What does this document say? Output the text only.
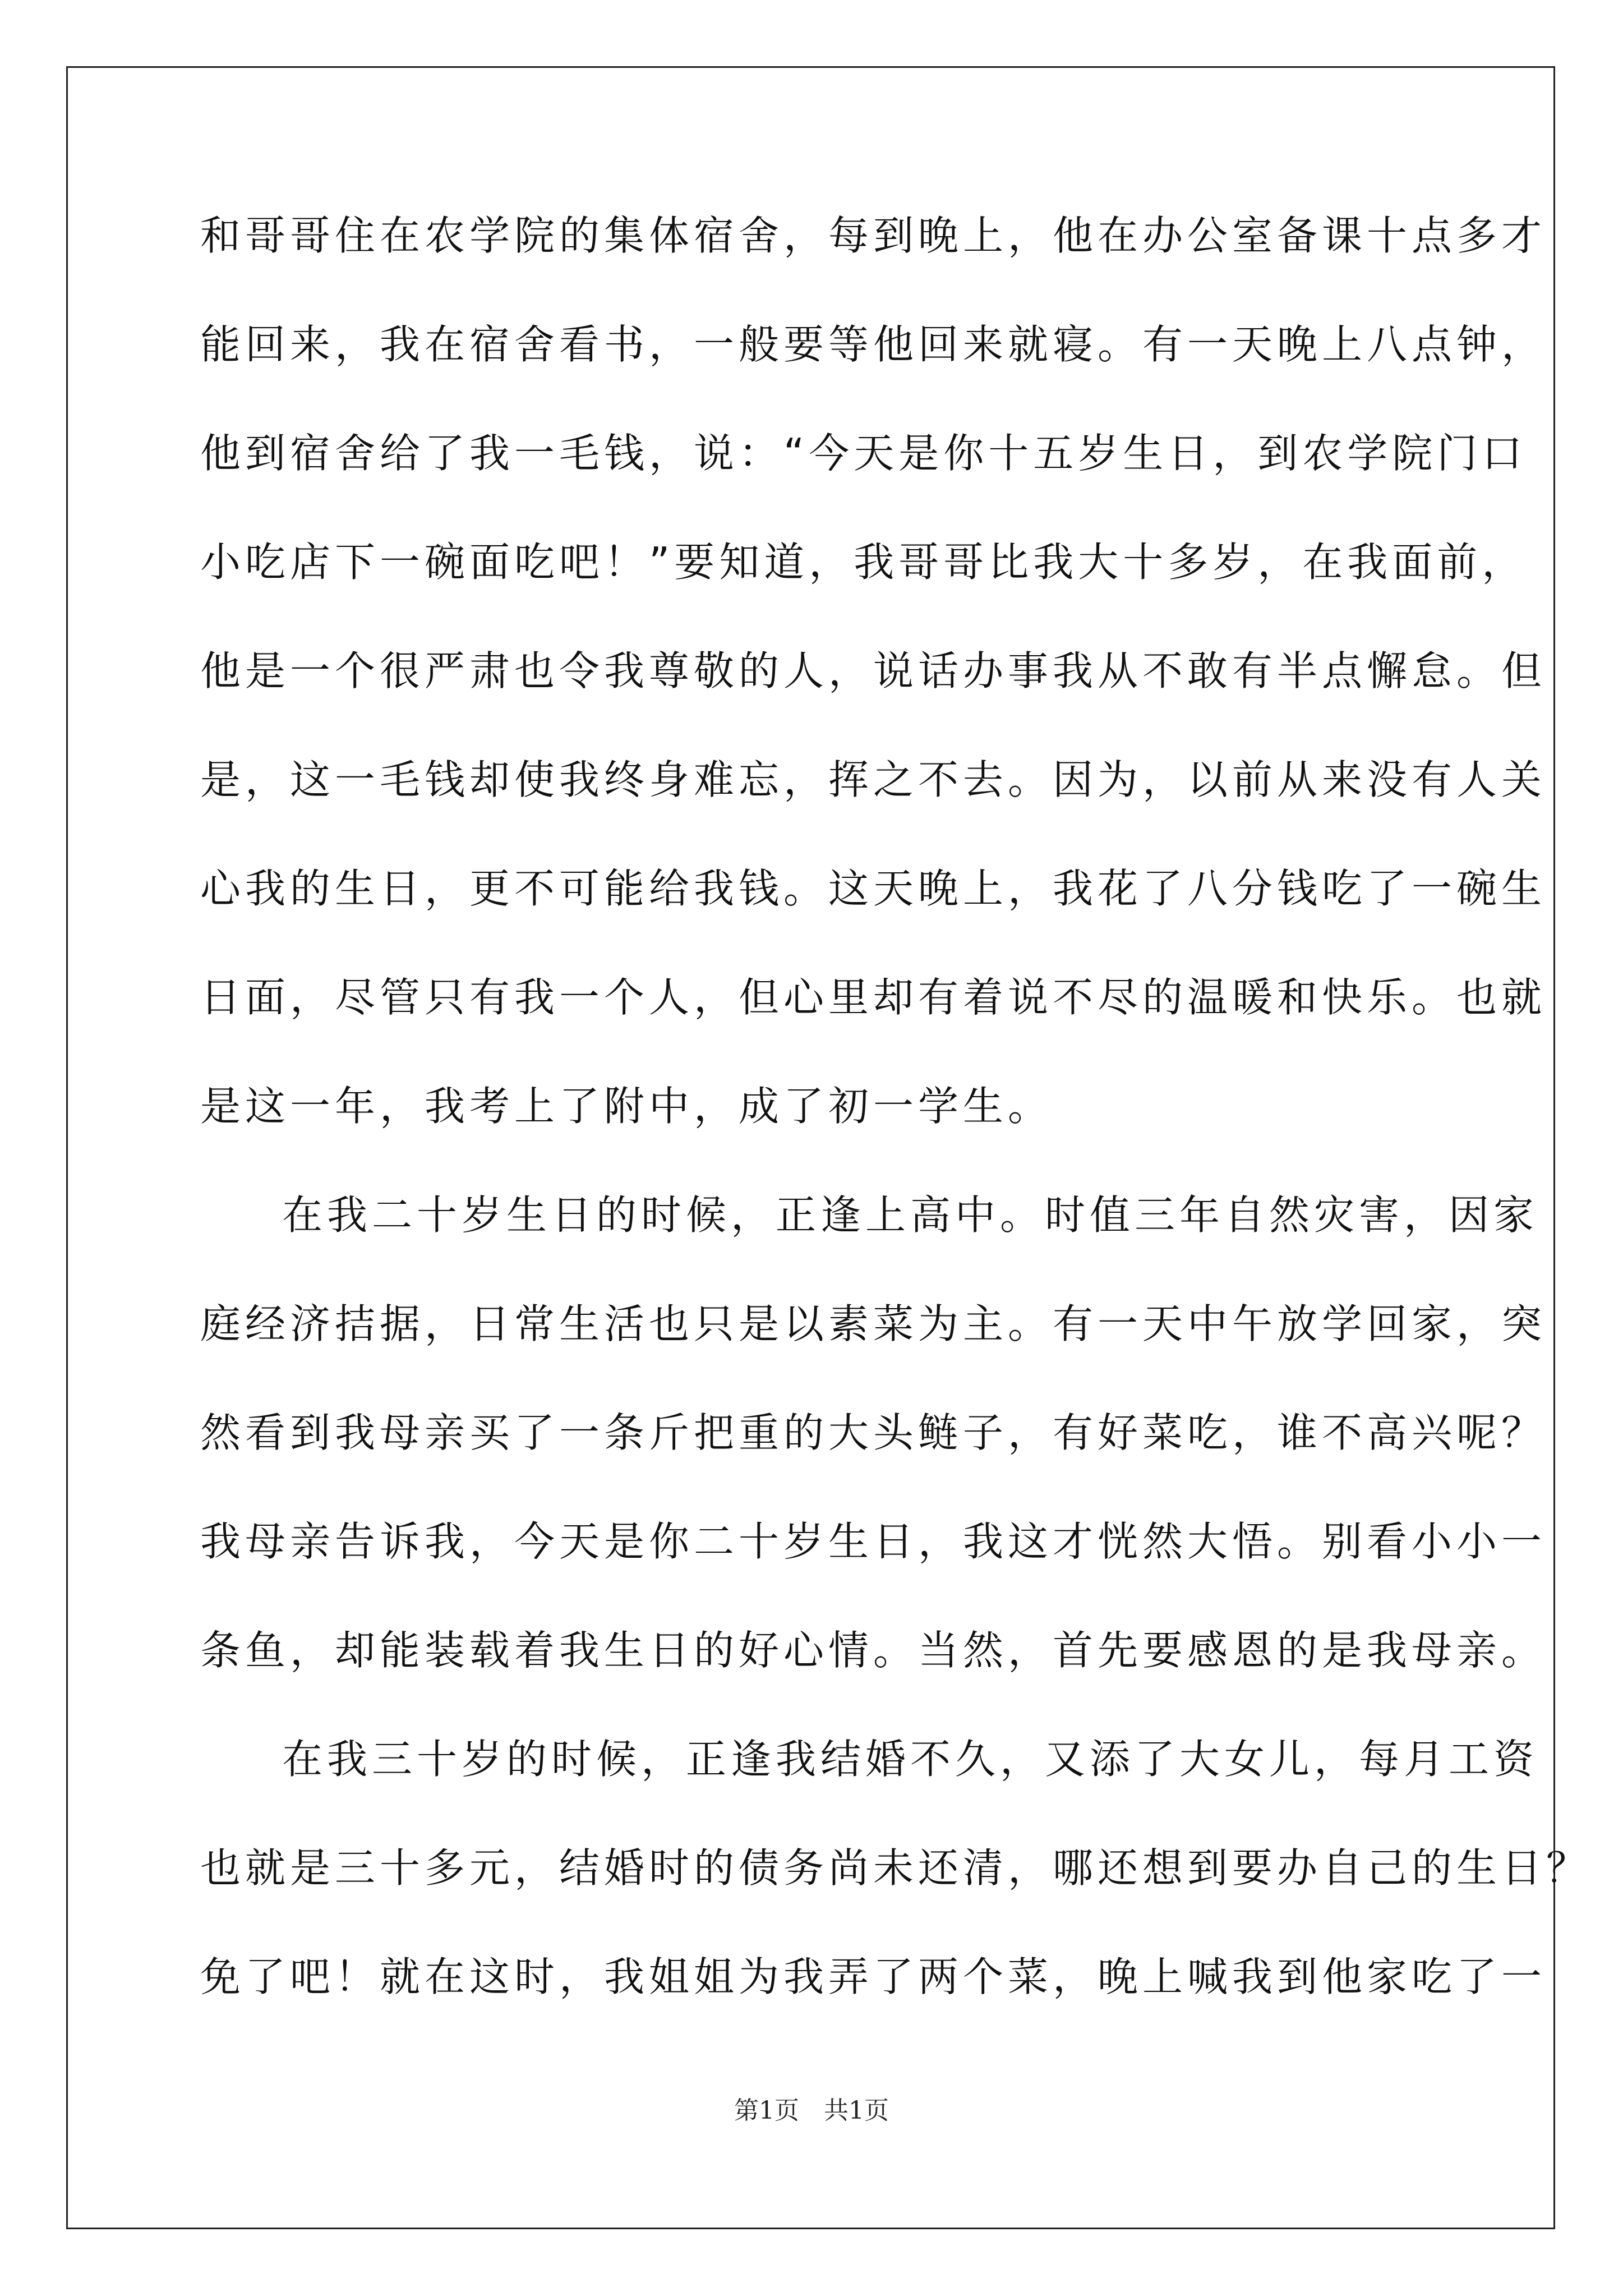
和哥哥住在农学院的集体宿舍，每到晚上，他在办公室备课十点多才
能回来，我在宿舍看书，一般要等他回来就寝。有一天晚上八点钟，
他到宿舍给了我一毛钱，说：“今天是你十五岁生日，到农学院门口
小吃店下一碗面吃吧！”要知道，我哥哥比我大十多岁，在我面前，
他是一个很严肃也令我尊敬的人，说话办事我从不敢有半点懈怠。但
是，这一毛钱却使我终身难忘，挥之不去。因为，以前从来没有人关
心我的生日，更不可能给我钱。这天晚上，我花了八分钱吃了一碗生
日面，尽管只有我一个人，但心里却有着说不尽的温暖和快乐。也就
是这一年，我考上了附中，成了初一学生。
在我二十岁生日的时候，正逢上高中。时值三年自然灾害，因家
庭经济拮据，日常生活也只是以素菜为主。有一天中午放学回家，突
然看到我母亲买了一条斤把重的大头鲢子，有好菜吃，谁不高兴呢？
我母亲告诉我，今天是你二十岁生日，我这才恍然大悟。别看小小一
条鱼，却能装载着我生日的好心情。当然，首先要感恩的是我母亲。
在我三十岁的时候，正逢我结婚不久，又添了大女儿，每月工资
也就是三十多元，结婚时的债务尚未还清，哪还想到要办自己的生日？
免了吧！就在这时，我姐姐为我弄了两个菜，晚上喊我到他家吃了一
第1页　共1页
